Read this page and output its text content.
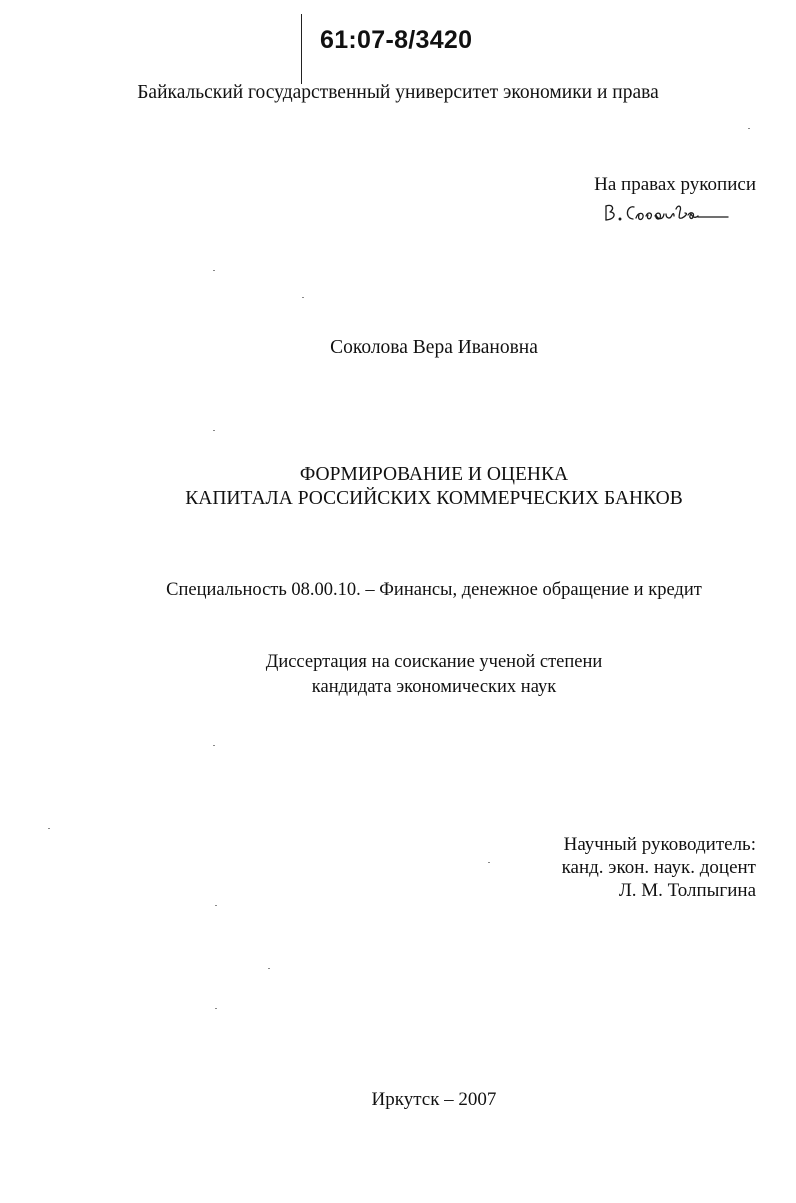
61:07-8/3420
Байкальский государственный университет экономики и права
На правах рукописи
Соколова Вера Ивановна
ФОРМИРОВАНИЕ И ОЦЕНКА
КАПИТАЛА РОССИЙСКИХ КОММЕРЧЕСКИХ БАНКОВ
Специальность 08.00.10. – Финансы, денежное обращение и кредит
Диссертация на соискание ученой степени
кандидата экономических наук
Научный руководитель:
канд. экон. наук. доцент
Л. М. Толпыгина
Иркутск – 2007
